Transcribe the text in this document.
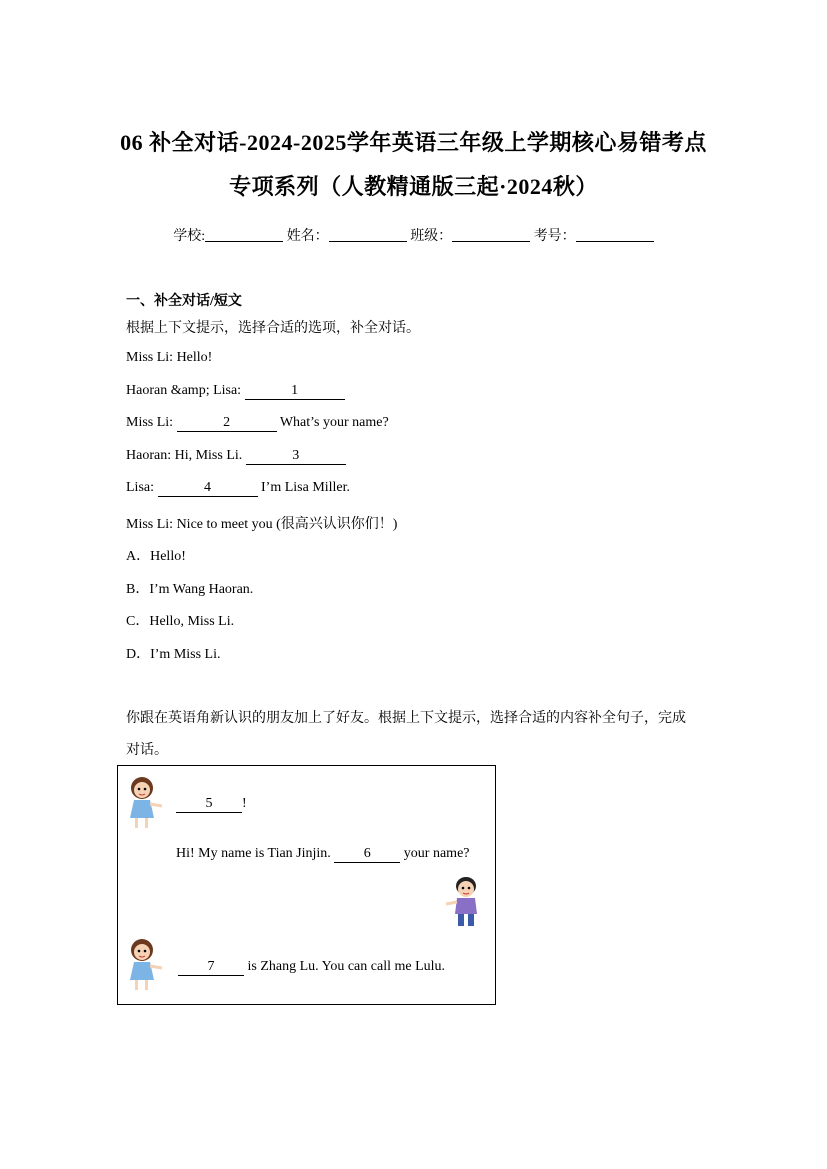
06 补全对话-2024-2025学年英语三年级上学期核心易错考点
专项系列（人教精通版三起·2024秋）
学校:	姓名：	班级：	考号：
一、补全对话/短文
根据上下文提示，选择合适的选项，补全对话。
Miss Li: Hello!
Haoran &amp; Lisa:	1
Miss Li:	2	What’s your name?
Haoran: Hi, Miss Li.	3
Lisa:	4	I’m Lisa Miller.
Miss Li: Nice to meet you (很高兴认识你们！)
A．Hello!
B．I’m Wang Haoran.
C．Hello, Miss Li.
D．I’m Miss Li.
你跟在英语角新认识的朋友加上了好友。根据上下文提示，选择合适的内容补全句子，完成
对话。
5 !
Hi! My name is Tian Jinjin. 6 your name?
7 is Zhang Lu. You can call me Lulu.
